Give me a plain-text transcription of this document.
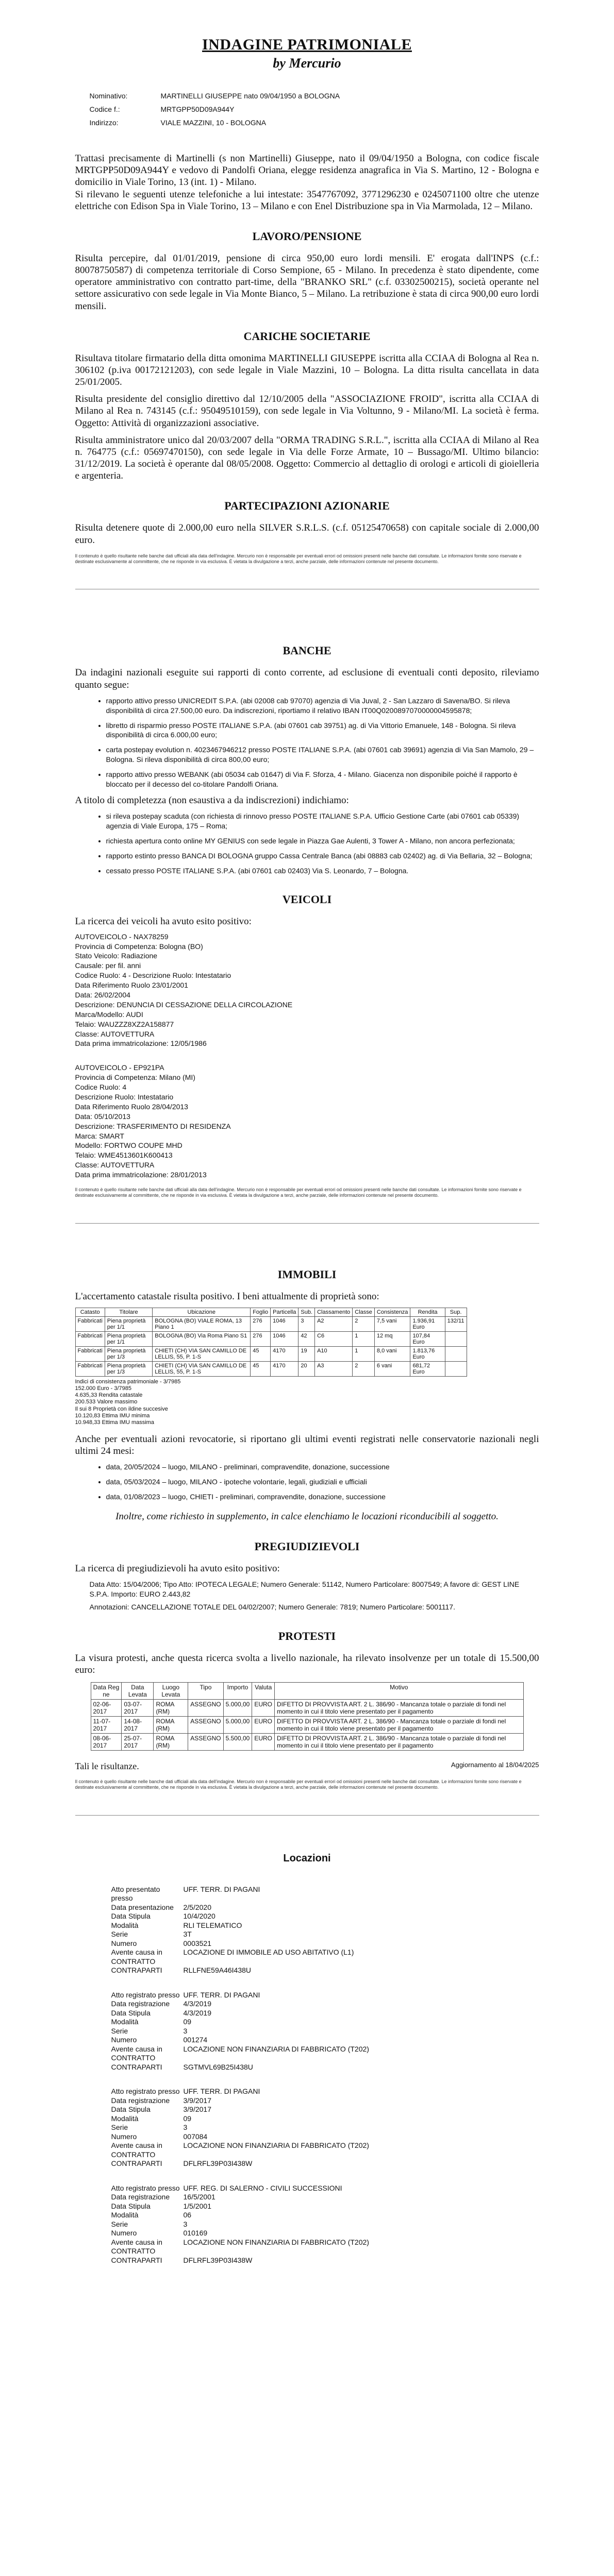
INDAGINE PATRIMONIALE
by Mercurio
Nominativo:	MARTINELLI GIUSEPPE nato 09/04/1950 a BOLOGNA
Codice f.:	MRTGPP50D09A944Y
Indirizzo:	VIALE MAZZINI, 10 - BOLOGNA

Trattasi precisamente di Martinelli (s non Martinelli) Giuseppe, nato il 09/04/1950 a Bologna, con codice fiscale MRTGPP50D09A944Y e vedovo di Pandolfi Oriana, elegge residenza anagrafica in Via S. Martino, 12 - Bologna e domicilio in Viale Torino, 13 (int. 1) - Milano.

Si rilevano le seguenti utenze telefoniche a lui intestate: 3547767092, 3771296230 e 0245071100 oltre che utenze elettriche con Edison Spa in Viale Torino, 13 – Milano e con Enel Distribuzione spa in Via Marmolada, 12 – Milano.

LAVORO/PENSIONE

Risulta percepire, dal 01/01/2019, pensione di circa 950,00 euro lordi mensili. E' erogata dall'INPS (c.f.: 80078750587) di competenza territoriale di Corso Sempione, 65 - Milano. In precedenza è stato dipendente, come operatore amministrativo con contratto part-time, della "BRANKO SRL" (c.f. 03302500215), società operante nel settore assicurativo con sede legale in Via Monte Bianco, 5 – Milano. La retribuzione è stata di circa 900,00 euro lordi mensili.

CARICHE SOCIETARIE

Risultava titolare firmatario della ditta omonima MARTINELLI GIUSEPPE iscritta alla CCIAA di Bologna al Rea n. 306102 (p.iva 00172121203), con sede legale in Viale Mazzini, 10 – Bologna. La ditta risulta cancellata in data 25/01/2005.

Risulta presidente del consiglio direttivo dal 12/10/2005 della "ASSOCIAZIONE FROID", iscritta alla CCIAA di Milano al Rea n. 743145 (c.f.: 95049510159), con sede legale in Via Voltunno, 9 - Milano/MI. La società è ferma. Oggetto: Attività di organizzazioni associative.

Risulta amministratore unico dal 20/03/2007 della "ORMA TRADING S.R.L.", iscritta alla CCIAA di Milano al Rea n. 764775 (c.f.: 05697470150), con sede legale in Via delle Forze Armate, 10 – Bussago/MI. Ultimo bilancio: 31/12/2019. La società è operante dal 08/05/2008. Oggetto: Commercio al dettaglio di orologi e articoli di gioielleria e argenteria.

PARTECIPAZIONI AZIONARIE

Risulta detenere quote di 2.000,00 euro nella SILVER S.R.L.S. (c.f. 05125470658) con capitale sociale di 2.000,00 euro.

Il contenuto è quello risultante nelle banche dati ufficiali alla data dell'indagine. Mercurio non è responsabile per eventuali errori od omissioni presenti nelle banche dati consultate. Le informazioni fornite sono riservate e destinate esclusivamente al committente, che ne risponde in via esclusiva. È vietata la divulgazione a terzi, anche parziale, delle informazioni contenute nel presente documento.
BANCHE

Da indagini nazionali eseguite sui rapporti di conto corrente, ad esclusione di eventuali conti deposito, rileviamo quanto segue:

• rapporto attivo presso UNICREDIT S.P.A. (abi 02008 cab 97070) agenzia di Via Juval, 2 - San Lazzaro di Savena/BO. Si rileva disponibilità di circa 27.500,00 euro. Da indiscrezioni, riportiamo il relativo IBAN IT00Q0200897070000004595878;
• libretto di risparmio presso POSTE ITALIANE S.P.A. (abi 07601 cab 39751) ag. di Via Vittorio Emanuele, 148 - Bologna. Si rileva disponibilità di circa 6.000,00 euro;
• carta postepay evolution n. 4023467946212 presso POSTE ITALIANE S.P.A. (abi 07601 cab 39691) agenzia di Via San Mamolo, 29 – Bologna. Si rileva disponibilità di circa 800,00 euro;
• rapporto attivo presso WEBANK (abi 05034 cab 01647) di Via F. Sforza, 4 - Milano. Giacenza non disponibile poiché il rapporto è bloccato per il decesso del co-titolare Pandolfi Oriana.

A titolo di completezza (non esaustiva a da indiscrezioni) indichiamo:

• si rileva postepay scaduta (con richiesta di rinnovo presso POSTE ITALIANE S.P.A. Ufficio Gestione Carte (abi 07601 cab 05339) agenzia di Viale Europa, 175 – Roma;
• richiesta apertura conto online MY GENIUS con sede legale in Piazza Gae Aulenti, 3 Tower A - Milano, non ancora perfezionata;
• rapporto estinto presso BANCA DI BOLOGNA gruppo Cassa Centrale Banca (abi 08883 cab 02402) ag. di Via Bellaria, 32 – Bologna;
• cessato presso POSTE ITALIANE S.P.A. (abi 07601 cab 02403) Via S. Leonardo, 7 – Bologna.
VEICOLI

La ricerca dei veicoli ha avuto esito positivo:

AUTOVEICOLO - NAX78259
Provincia di Competenza: Bologna (BO)
Stato Veicolo: Radiazione
Causale: per fil. anni
Codice Ruolo: 4 - Descrizione Ruolo: Intestatario
Data Riferimento Ruolo 23/01/2001
Data: 26/02/2004
Descrizione: DENUNCIA DI CESSAZIONE DELLA CIRCOLAZIONE
Marca/Modello: AUDI
Telaio: WAUZZZ8XZ2A158877
Classe: AUTOVETTURA
Data prima immatricolazione: 12/05/1986
AUTOVEICOLO - EP921PA
Provincia di Competenza: Milano (MI)
Codice Ruolo: 4
Descrizione Ruolo: Intestatario
Data Riferimento Ruolo 28/04/2013
Data: 05/10/2013
Descrizione: TRASFERIMENTO DI RESIDENZA
Marca: SMART
Modello: FORTWO COUPE MHD
Telaio: WME4513601K600413
Classe: AUTOVETTURA
Data prima immatricolazione: 28/01/2013
Il contenuto è quello risultante nelle banche dati ufficiali alla data dell'indagine. Mercurio non è responsabile per eventuali errori od omissioni presenti nelle banche dati consultate. Le informazioni fornite sono riservate e destinate esclusivamente al committente, che ne risponde in via esclusiva. È vietata la divulgazione a terzi, anche parziale, delle informazioni contenute nel presente documento.
IMMOBILI

L'accertamento catastale risulta positivo. I beni attualmente di proprietà sono:

Catasto	Titolare	Ubicazione	Foglio	Particella	Sub.	Classamento	Classe	Consistenza	Rendita	Sup.
Fabbricati	Piena proprietà per 1/1	BOLOGNA (BO) VIALE ROMA, 13 Piano 1	276	1046	3	A2	2	7,5 vani	1.936,91 Euro	132/11
Fabbricati	Piena proprietà per 1/1	BOLOGNA (BO) Via Roma Piano S1	276	1046	42	C6	1	12 mq	107,84 Euro	
Fabbricati	Piena proprietà per 1/3	CHIETI (CH) VIA SAN CAMILLO DE LELLIS, 55, P. 1-S	45	4170	19	A10	1	8,0 vani	1.813,76 Euro	
Fabbricati	Piena proprietà per 1/3	CHIETI (CH) VIA SAN CAMILLO DE LELLIS, 55, P. 1-S	45	4170	20	A3	2	6 vani	681,72 Euro	
Indici di consistenza patrimoniale - 3/7985
152.000 Euro - 3/7985
4.635,33 Rendita catastale
200.533 Valore massimo
Il sui 8 Proprietà con ildine succesive
10.120,83 Ettima IMU minima
10.948,33 Ettima IMU massima

Anche per eventuali azioni revocatorie, si riportano gli ultimi eventi registrati nelle conservatorie nazionali negli ultimi 24 mesi:

• data, 20/05/2024 – luogo, MILANO - preliminari, compravendite, donazione, successione
• data, 05/03/2024 – luogo, MILANO - ipoteche volontarie, legali, giudiziali e ufficiali
• data, 01/08/2023 – luogo, CHIETI - preliminari, compravendite, donazione, successione
Inoltre, come richiesto in supplemento, in calce elenchiamo le locazioni riconducibili al soggetto.
PREGIUDIZIEVOLI

La ricerca di pregiudizievoli ha avuto esito positivo:

Data Atto: 15/04/2006; Tipo Atto: IPOTECA LEGALE; Numero Generale: 51142, Numero Particolare: 8007549; A favore di: GEST LINE S.P.A. Importo: EURO 2.443,82

Annotazioni: CANCELLAZIONE TOTALE DEL 04/02/2007; Numero Generale: 7819; Numero Particolare: 5001117.

PROTESTI

La visura protesti, anche questa ricerca svolta a livello nazionale, ha rilevato insolvenze per un totale di 15.500,00 euro:

Data Reg ne	Data Levata	Luogo Levata	Tipo	Importo	Valuta	Motivo
02-06-2017	03-07-2017	ROMA (RM)	ASSEGNO	5.000,00	EURO	DIFETTO DI PROVVISTA ART. 2 L. 386/90 - Mancanza totale o parziale di fondi nel momento in cui il titolo viene presentato per il pagamento
11-07-2017	14-08-2017	ROMA (RM)	ASSEGNO	5.000,00	EURO	DIFETTO DI PROVVISTA ART. 2 L. 386/90 - Mancanza totale o parziale di fondi nel momento in cui il titolo viene presentato per il pagamento
08-06-2017	25-07-2017	ROMA (RM)	ASSEGNO	5.500,00	EURO	DIFETTO DI PROVVISTA ART. 2 L. 386/90 - Mancanza totale o parziale di fondi nel momento in cui il titolo viene presentato per il pagamento
Tali le risultanze.	Aggiornamento al 18/04/2025
Il contenuto è quello risultante nelle banche dati ufficiali alla data dell'indagine. Mercurio non è responsabile per eventuali errori od omissioni presenti nelle banche dati consultate. Le informazioni fornite sono riservate e destinate esclusivamente al committente, che ne risponde in via esclusiva. È vietata la divulgazione a terzi, anche parziale, delle informazioni contenute nel presente documento.
Locazioni
Atto presentato presso
UFF. TERR. DI PAGANI
Data presentazione	2/5/2020
Data Stipula	10/4/2020
Modalità	RLI TELEMATICO
Serie	3T
Numero	0003521
Avente causa in	LOCAZIONE DI IMMOBILE AD USO ABITATIVO (L1)
CONTRATTO
CONTRAPARTI	RLLFNE59A46I438U
Atto registrato presso UFF. TERR. DI PAGANI
Data registrazione	4/3/2019
Data Stipula	4/3/2019
Modalità	09
Serie	3
Numero	001274
Avente causa in	LOCAZIONE NON FINANZIARIA DI FABBRICATO (T202)
CONTRATTO
CONTRAPARTI	SGTMVL69B25I438U
Atto registrato presso UFF. TERR. DI PAGANI
Data registrazione	3/9/2017
Data Stipula	3/9/2017
Modalità	09
Serie	3
Numero	007084
Avente causa in	LOCAZIONE NON FINANZIARIA DI FABBRICATO (T202)
CONTRATTO
CONTRAPARTI	DFLRFL39P03I438W
Atto registrato presso UFF. REG. DI SALERNO - CIVILI SUCCESSIONI
Data registrazione	16/5/2001
Data Stipula	1/5/2001
Modalità	06
Serie	3
Numero	010169
Avente causa in	LOCAZIONE NON FINANZIARIA DI FABBRICATO (T202)
CONTRATTO
CONTRAPARTI	DFLRFL39P03I438W
